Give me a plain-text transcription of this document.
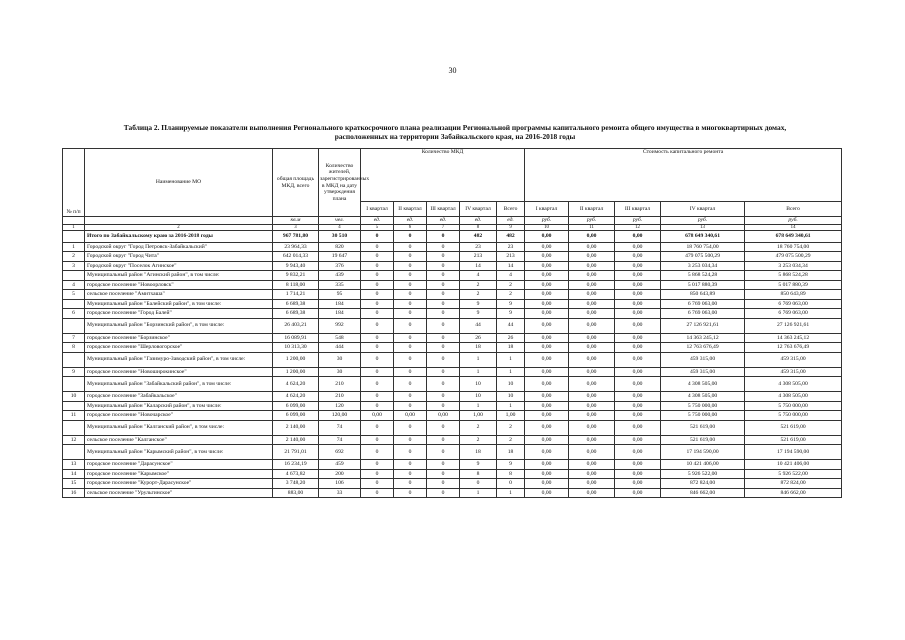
30
Таблица 2. Планируемые показатели выполнения Регионального краткосрочного плана реализации Региональной программы капитального ремонта общего имущества в многоквартирных домах,
расположенных на территории Забайкальского края, на 2016-2018 годы
№ п/п	Наименование МО	общая площадь МКД, всего	Количество жителей, зарегистрированных в МКД на дату утверждения плана	Количество МКД					Стоимость капитального ремонта				
				I квартал	II квартал	III квартал	IV квартал	Всего	I квартал	II квартал	III квартал	IV квартал	Всего
		кв.м	чел.	ед.	ед.	ед.	ед.	ед.	руб.	руб.	руб.	руб.	руб.
1	2	3	4	5	6	7	8	9	10	11	12	13	14
	Итого по Забайкальскому краю за 2016-2018 годы	967 781,80	30 510	0	0	0	482	482	0,00	0,00	0,00	678 649 340,61	678 649 340,61
1	Городской округ "Город Петровск-Забайкальский"	23 964,33	820	0	0	0	23	23	0,00	0,00	0,00	18 760 754,00	18 760 754,00
2	Городской округ "Город Чита"	642 014,33	19 647	0	0	0	213	213	0,00	0,00	0,00	479 075 500,29	479 075 500,29
3	Городской округ "Поселок Агинское"	9 943,40	376	0	0	0	14	14	0,00	0,00	0,00	3 253 034,34	3 253 034,34
	Муниципальный район "Агинский район", в том числе:	9 832,21	439	0	0	0	4	4	0,00	0,00	0,00	5 868 524,28	5 868 524,28
4	городское поселение "Новоорловск"	8 118,00	335	0	0	0	2	2	0,00	0,00	0,00	5 017 880,39	5 017 880,39
5	сельское поселение "Амитхаша"	1 714,21	95	0	0	0	2	2	0,00	0,00	0,00	850 643,89	850 643,89
	Муниципальный район "Балейский район", в том числе:	6 689,38	184	0	0	0	9	9	0,00	0,00	0,00	6 769 063,00	6 769 063,00
6	городское поселение "Город Балей"	6 689,38	184	0	0	0	9	9	0,00	0,00	0,00	6 769 063,00	6 769 063,00
	Муниципальный район "Борзинский район", в том числе:	26 403,21	992	0	0	0	44	44	0,00	0,00	0,00	27 126 921,61	27 126 921,61
7	городское поселение "Борзинское"	16 089,91	548	0	0	0	26	26	0,00	0,00	0,00	14 363 245,12	14 363 245,12
8	городское поселение "Шерловогорское"	10 313,30	444	0	0	0	18	18	0,00	0,00	0,00	12 763 676,49	12 763 676,49
	Муниципальный район "Газимуро-Заводский район", в том числе:	1 200,00	30	0	0	0	1	1	0,00	0,00	0,00	459 315,00	459 315,00
9	городское поселение "Новоширокинское"	1 200,00	30	0	0	0	1	1	0,00	0,00	0,00	459 315,00	459 315,00
	Муниципальный район "Забайкальский район", в том числе:	4 624,20	210	0	0	0	10	10	0,00	0,00	0,00	4 308 505,00	4 308 505,00
10	городское поселение "Забайкальское"	4 624,20	210	0	0	0	10	10	0,00	0,00	0,00	4 308 505,00	4 308 505,00
	Муниципальный район "Каларский район", в том числе:	6 099,00	120	0	0	0	1	1	0,00	0,00	0,00	5 750 000,00	5 750 000,00
11	городское поселение "Новочарское"	6 099,00	120,00	0,00	0,00	0,00	1,00	1,00	0,00	0,00	0,00	5 750 000,00	5 750 000,00
	Муниципальный район "Калганский район", в том числе:	2 140,00	74	0	0	0	2	2	0,00	0,00	0,00	521 619,00	521 619,00
12	сельское поселение "Калганское"	2 140,00	74	0	0	0	2	2	0,00	0,00	0,00	521 619,00	521 619,00
	Муниципальный район "Карымский район", в том числе:	21 791,01	692	0	0	0	18	18	0,00	0,00	0,00	17 194 590,00	17 194 590,00
13	городское поселение "Дарасунское"	16 234,19	459	0	0	0	9	9	0,00	0,00	0,00	10 421 406,00	10 421 406,00
14	городское поселение "Карымское"	4 673,82	200	0	0	0	8	8	0,00	0,00	0,00	5 926 522,00	5 926 522,00
15	городское поселение "Курорт-Дарасунское"	3 748,20	106	0	0	0	0	0	0,00	0,00	0,00	872 824,00	872 824,00
16	сельское поселение "Урульгинское"	883,00	33	0	0	0	1	1	0,00	0,00	0,00	846 662,00	846 662,00
